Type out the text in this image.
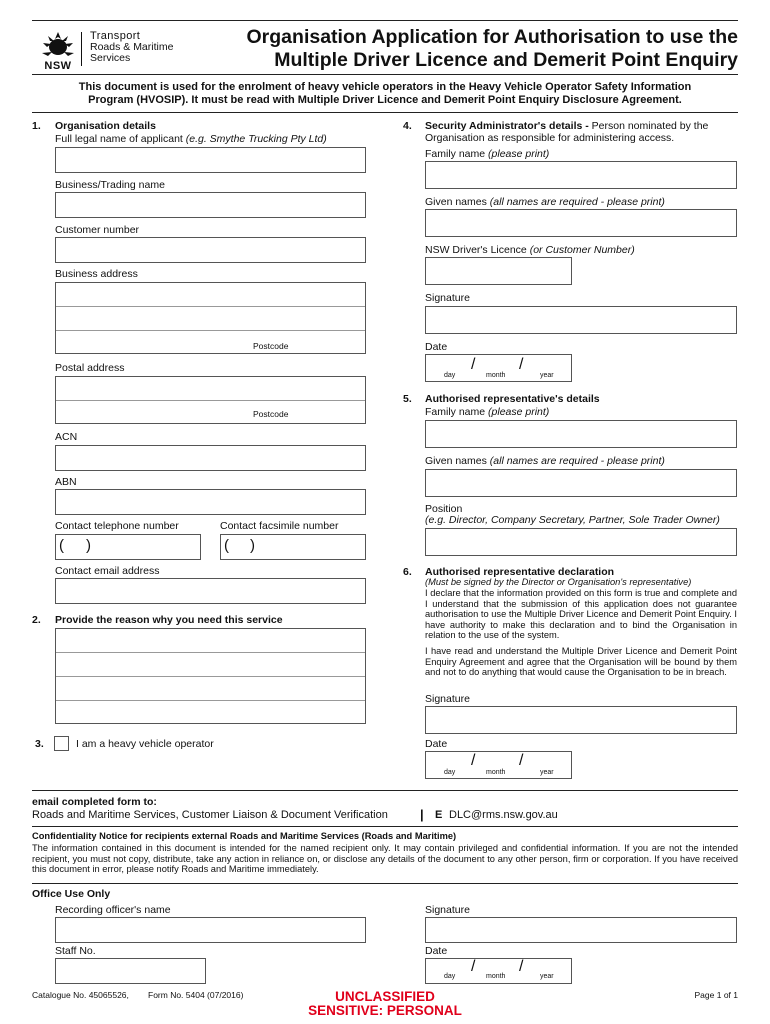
NSW
Transport
Roads & Maritime
Services
Organisation Application for Authorisation to use the
Multiple Driver Licence and Demerit Point Enquiry
This document is used for the enrolment of heavy vehicle operators in the Heavy Vehicle Operator Safety Information
Program (HVOSIP). It must be read with Multiple Driver Licence and Demerit Point Enquiry Disclosure Agreement.
1. Organisation details
Full legal name of applicant (e.g. Smythe Trucking Pty Ltd)
Business/Trading name
Customer number
Business address
Postcode
Postal address
Postcode
ACN
ABN
Contact telephone number	Contact facsimile number
( )	( )
Contact email address
2. Provide the reason why you need this service
3.	I am a heavy vehicle operator
4. Security Administrator's details - Person nominated by the
Organisation as responsible for administering access.
Family name (please print)
Given names (all names are required - please print)
NSW Driver's Licence (or Customer Number)
Signature
Date
/	/
day	month	year
5. Authorised representative's details
Family name (please print)
Given names (all names are required - please print)
Position
(e.g. Director, Company Secretary, Partner, Sole Trader Owner)
6. Authorised representative declaration
(Must be signed by the Director or Organisation's representative)
I declare that the information provided on this form is true and complete and I understand that the submission of this application does not guarantee authorisation to use the Multiple Driver Licence and Demerit Point Enquiry. I have authority to make this declaration and to bind the Organisation in relation to the use of the system.
I have read and understand the Multiple Driver Licence and Demerit Point Enquiry Agreement and agree that the Organisation will be bound by them and not to do anything that would cause the Organisation to be in breach.
Signature
Date
/	/
day	month	year
email completed form to:
Roads and Maritime Services, Customer Liaison & Document Verification | E DLC@rms.nsw.gov.au
Confidentiality Notice for recipients external Roads and Maritime Services (Roads and Maritime)
The information contained in this document is intended for the named recipient only. It may contain privileged and confidential information. If you are not the intended recipient, you must not copy, distribute, take any action in reliance on, or disclose any details of the document to any other person, firm or corporation. If you have received this document in error, please notify Roads and Maritime immediately.
Office Use Only
Recording officer's name	Signature
Staff No.	Date
/	/
day	month	year
Catalogue No. 45065526, Form No. 5404 (07/2016)	UNCLASSIFIED
SENSITIVE: PERSONAL
Page 1 of 1
